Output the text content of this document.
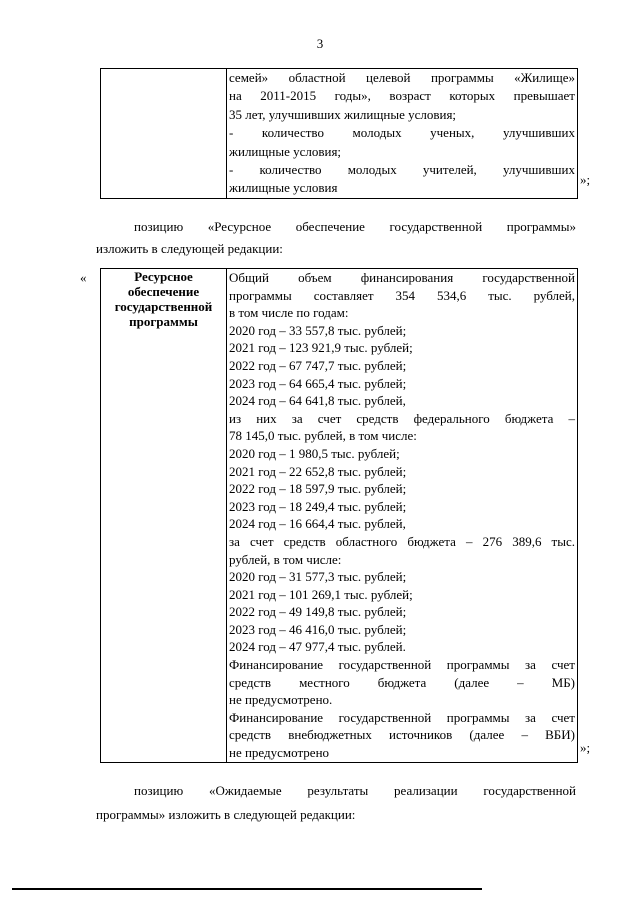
3

семей» областной целевой программы «Жилище»
на 2011-2015 годы», возраст которых превышает
35 лет, улучшивших жилищные условия;
- количество молодых ученых, улучшивших
жилищные условия;
- количество молодых учителей, улучшивших
жилищные условия
»;
позицию «Ресурсное обеспечение государственной программы»
изложить в следующей редакции:
«	Ресурсное обеспечение государственной программы	
Общий объем финансирования государственной
программы составляет 354 534,6 тыс. рублей,
в том числе по годам:
2020 год – 33 557,8 тыс. рублей;
2021 год – 123 921,9 тыс. рублей;
2022 год – 67 747,7 тыс. рублей;
2023 год – 64 665,4 тыс. рублей;
2024 год – 64 641,8 тыс. рублей,
из них за счет средств федерального бюджета –
78 145,0 тыс. рублей, в том числе:
2020 год – 1 980,5 тыс. рублей;
2021 год – 22 652,8 тыс. рублей;
2022 год – 18 597,9 тыс. рублей;
2023 год – 18 249,4 тыс. рублей;
2024 год – 16 664,4 тыс. рублей,
за счет средств областного бюджета – 276 389,6 тыс.
рублей, в том числе:
2020 год – 31 577,3 тыс. рублей;
2021 год – 101 269,1 тыс. рублей;
2022 год – 49 149,8 тыс. рублей;
2023 год – 46 416,0 тыс. рублей;
2024 год – 47 977,4 тыс. рублей.
Финансирование государственной программы за счет
средств местного бюджета (далее – МБ)
не предусмотрено.
Финансирование государственной программы за счет
средств внебюджетных источников (далее – ВБИ)
не предусмотрено	»;
позицию «Ожидаемые результаты реализации государственной
программы» изложить в следующей редакции:
